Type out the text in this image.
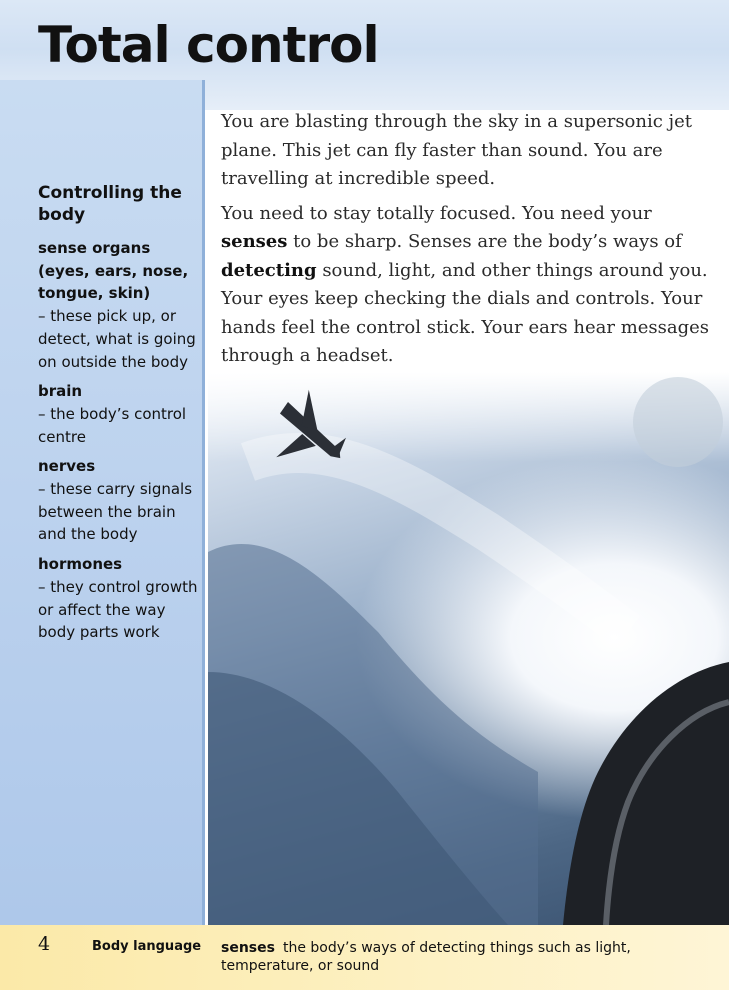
Total control
Controlling the body
sense organs (eyes, ears, nose, tongue, skin)
– these pick up, or detect, what is going on outside the body
brain
– the body’s control centre
nerves
– these carry signals between the brain and the body
hormones
– they control growth or affect the way body parts work

You are blasting through the sky in a supersonic jet plane. This jet can fly faster than sound. You are travelling at incredible speed.

You need to stay totally focused. You need your senses to be sharp. Senses are the body’s ways of detecting sound, light, and other things around you. Your eyes keep checking the dials and controls. Your hands feel the control stick. Your ears hear messages through a headset.

4	Body language senses the body’s ways of detecting things such as light, temperature, or sound
